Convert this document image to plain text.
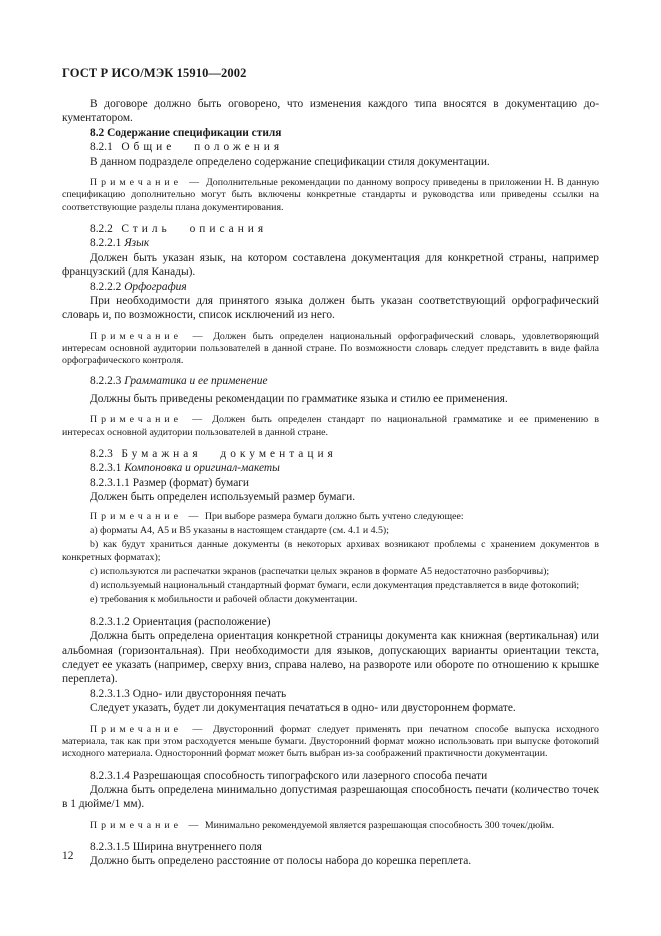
ГОСТ Р ИСО/МЭК 15910—2002

В договоре должно быть оговорено, что изменения каждого типа вносятся в документацию до-кументатором.

8.2 Содержание спецификации стиля

8.2.1 Общие положения

В данном подразделе определено содержание спецификации стиля документации.

Примечание — Дополнительные рекомендации по данному вопросу приведены в приложении Н. В данную спецификацию дополнительно могут быть включены конкретные стандарты и руководства или приведены ссылки на соответствующие разделы плана документирования.

8.2.2 Стиль описания

8.2.2.1 Язык

Должен быть указан язык, на котором составлена документация для конкретной страны, например французский (для Канады).

8.2.2.2 Орфография

При необходимости для принятого языка должен быть указан соответствующий орфографический словарь и, по возможности, список исключений из него.

Примечание — Должен быть определен национальный орфографический словарь, удовлетворяющий интересам основной аудитории пользователей в данной стране. По возможности словарь следует представить в виде файла орфографического контроля.

8.2.2.3 Грамматика и ее применение

Должны быть приведены рекомендации по грамматике языка и стилю ее применения.

Примечание — Должен быть определен стандарт по национальной грамматике и ее применению в интересах основной аудитории пользователей в данной стране.

8.2.3 Бумажная документация

8.2.3.1 Компоновка и оригинал-макеты

8.2.3.1.1 Размер (формат) бумаги

Должен быть определен используемый размер бумаги.

Примечание — При выборе размера бумаги должно быть учтено следующее:

a) форматы А4, А5 и В5 указаны в настоящем стандарте (см. 4.1 и 4.5);

b) как будут храниться данные документы (в некоторых архивах возникают проблемы с хранением документов в конкретных форматах);

c) используются ли распечатки экранов (распечатки целых экранов в формате А5 недостаточно разборчивы);

d) используемый национальный стандартный формат бумаги, если документация представляется в виде фотокопий;

e) требования к мобильности и рабочей области документации.

8.2.3.1.2 Ориентация (расположение)

Должна быть определена ориентация конкретной страницы документа как книжная (вертикальная) или альбомная (горизонтальная). При необходимости для языков, допускающих варианты ориентации текста, следует ее указать (например, сверху вниз, справа налево, на развороте или обороте по отношению к крышке переплета).

8.2.3.1.3 Одно- или двусторонняя печать

Следует указать, будет ли документация печататься в одно- или двустороннем формате.

Примечание — Двусторонний формат следует применять при печатном способе выпуска исходного материала, так как при этом расходуется меньше бумаги. Двусторонний формат можно использовать при выпуске фотокопий исходного материала. Односторонний формат может быть выбран из-за соображений практичности документации.

8.2.3.1.4 Разрешающая способность типографского или лазерного способа печати

Должна быть определена минимально допустимая разрешающая способность печати (количество точек в 1 дюйме/1 мм).

Примечание — Минимально рекомендуемой является разрешающая способность 300 точек/дюйм.

8.2.3.1.5 Ширина внутреннего поля

Должно быть определено расстояние от полосы набора до корешка переплета.

12
